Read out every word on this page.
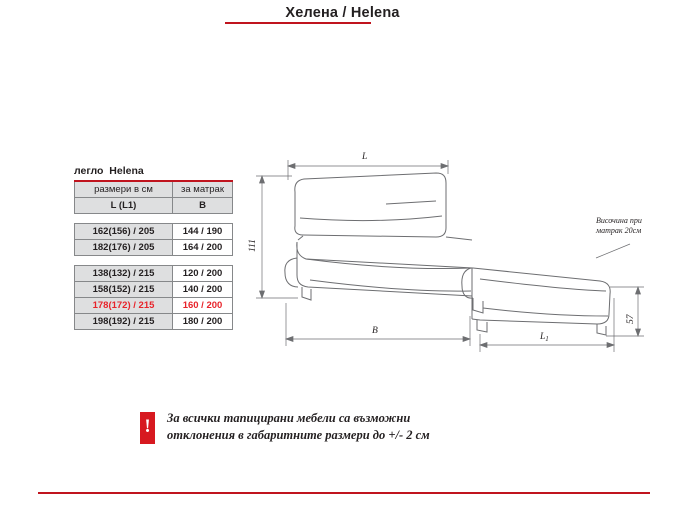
Хелена / Helena
легло Helena
размери в см	за матрак
L (L1)	B

162(156) / 205	144 / 190
182(176) / 205	164 / 200

138(132) / 215	120 / 200
158(152) / 215	140 / 200
178(172) / 215	160 / 200
198(192) / 215	180 / 200
L
111
B
$L_1$
57
Височина при
матрак 20см
!	За всички тапицирани мебели са възможни
отклонения в габаритните размери до +/- 2 см
